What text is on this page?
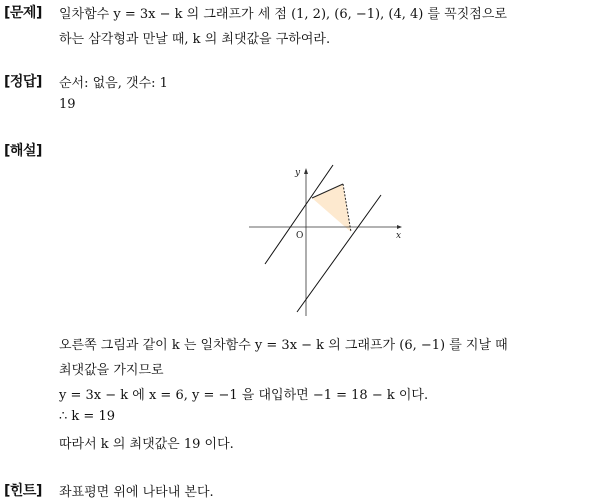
[문제] 일차함수 y = 3x − k 의 그래프가 세 점 (1, 2), (6, −1), (4, 4) 를 꼭짓점으로
하는 삼각형과 만날 때, k 의 최댓값을 구하여라.
[정답] 순서: 없음, 갯수: 1
19
[해설]
y
x
O
오른쪽 그림과 같이 k 는 일차함수 y = 3x − k 의 그래프가 (6, −1) 를 지날 때
최댓값을 가지므로
y = 3x − k 에 x = 6, y = −1 을 대입하면 −1 = 18 − k 이다.
∴ k = 19
따라서 k 의 최댓값은 19 이다.
[힌트] 좌표평면 위에 나타내 본다.
